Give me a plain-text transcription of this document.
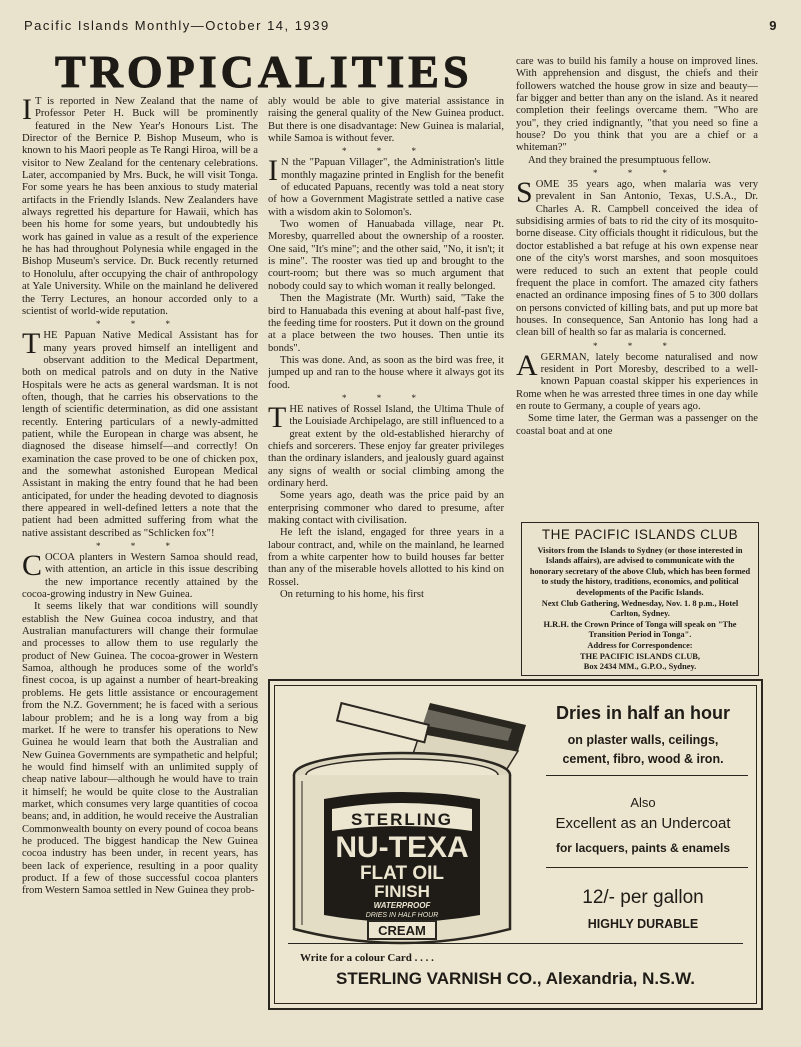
Pacific Islands Monthly—October 14, 1939	9
TROPICALITIES

I T is reported in New Zealand that the name of Professor Peter H. Buck will be prominently featured in the New Year's Honours List. The Director of the Bernice P. Bishop Museum, who is known to his Maori people as Te Rangi Hiroa, will be a visitor to New Zealand for the centenary celebrations. Later, accompanied by Mrs. Buck, he will visit Tonga. For some years he has been anxious to study material artifacts in the Friendly Islands. New Zealanders have always regretted his departure for Hawaii, which has been his home for some years, but undoubtedly his work has gained in value as a result of the experience he has had throughout Polynesia while engaged in the Bishop Museum's service. Dr. Buck recently returned to Honolulu, after occupying the chair of anthropology at Yale University. While on the mainland he delivered the Terry Lectures, an honour accorded only to a scientist of world-wide reputation.

* * *

THE Papuan Native Medical Assistant has for many years proved himself an intelligent and observant addition to the Medical Department, both on medical patrols and on duty in the Native Hospitals were he acts as general wardsman. It is not often, though, that he carries his observations to the length of scientific determination, as did one assistant recently. Entering particulars of a newly-admitted patient, while the European in charge was absent, he diagnosed the disease himself—and correctly! On examination the case proved to be one of chicken pox, and the somewhat astonished European Medical Assistant in making the entry found that he had been anticipated, for under the heading devoted to diagnosis there appeared in well-defined letters a note that the patient had been admitted suffering from what the native assistant described as "Schlicken fox"!

* * *

COCOA planters in Western Samoa should read, with attention, an article in this issue describing the new importance recently attained by the cocoa-growing industry in New Guinea.

It seems likely that war conditions will soundly establish the New Guinea cocoa industry, and that Australian manufacturers will change their formulae and processes to allow them to use regularly the product of New Guinea. The cocoa-grower in Western Samoa, although he produces some of the world's finest cocoa, is up against a number of heart-breaking problems. He gets little assistance or encouragement from the N.Z. Government; he is faced with a serious labour problem; and he is a long way from a big market. If he were to transfer his operations to New Guinea he would learn that both the Australian and New Guinea Governments are sympathetic and helpful; he would find himself with an unlimited supply of cheap native labour—although he would have to train it himself; he would be quite close to the Australian market, which consumes very large quantities of cocoa beans; and, in addition, he would receive the Australian Commonwealth bounty on every pound of cocoa beans he produced. The biggest handicap the New Guinea cocoa industry has been under, in recent years, has been lack of experience, resulting in a poor quality product. If a few of those successful cocoa planters from Western Samoa settled in New Guinea they prob-

ably would be able to give material assistance in raising the general quality of the New Guinea product. But there is one disadvantage: New Guinea is malarial, while Samoa is without fever.

* * *

I N the "Papuan Villager", the Administration's little monthly magazine printed in English for the benefit of educated Papuans, recently was told a neat story of how a Government Magistrate settled a native case with a wisdom akin to Solomon's.

Two women of Hanuabada village, near Pt. Moresby, quarrelled about the ownership of a rooster. One said, "It's mine"; and the other said, "No, it isn't; it is mine". The rooster was tied up and brought to the court-room; but there was so much argument that nobody could say to which woman it really belonged.

Then the Magistrate (Mr. Wurth) said, "Take the bird to Hanuabada this evening at about half-past five, the feeding time for roosters. Put it down on the ground at a place between the two houses. Then untie its bonds".

This was done. And, as soon as the bird was free, it jumped up and ran to the house where it always got its food.

* * *

THE natives of Rossel Island, the Ultima Thule of the Louisiade Archipelago, are still influenced to a great extent by the old-established hierarchy of chiefs and sorcerers. These enjoy far greater privileges than the ordinary islanders, and jealously guard against any signs of wealth or social climbing among the ordinary herd.

Some years ago, death was the price paid by an enterprising commoner who dared to presume, after making contact with civilisation.

He left the island, engaged for three years in a labour contract, and, while on the mainland, he learned from a white carpenter how to build houses far better than any of the miserable hovels allotted to his kind on Rossel.

On returning to his home, his first

care was to build his family a house on improved lines. With apprehension and disgust, the chiefs and their followers watched the house grow in size and beauty—far bigger and better than any on the island. As it neared completion their feelings overcame them. "Who are you", they cried indignantly, "that you need so fine a house? Do you think that you are a chief or a whiteman?"

And they brained the presumptuous fellow.

* * *

SOME 35 years ago, when malaria was very prevalent in San Antonio, Texas, U.S.A., Dr. Charles A. R. Campbell conceived the idea of subsidising armies of bats to rid the city of its mosquito-borne disease. City officials thought it ridiculous, but the doctor established a bat refuge at his own expense near one of the city's worst marshes, and soon mosquitoes were reduced to such an extent that people could frequent the place in comfort. The amazed city fathers enacted an ordinance imposing fines of 5 to 300 dollars on persons convicted of killing bats, and put up more bat houses. In consequence, San Antonio has long had a clean bill of health so far as malaria is concerned.

* * *

AGERMAN, lately become naturalised and now resident in Port Moresby, described to a well-known Papuan coastal skipper his experiences in Rome when he was arrested three times in one day while en route to Germany, a couple of years ago.

Some time later, the German was a passenger on the coastal boat and at one

THE PACIFIC ISLANDS CLUB
Visitors from the Islands to Sydney (or those interested in Islands affairs), are advised to communicate with the honorary secretary of the above Club, which has been formed to study the history, traditions, economics, and political developments of the Pacific Islands.
Next Club Gathering, Wednesday, Nov. 1. 8 p.m., Hotel Carlton, Sydney.
H.R.H. the Crown Prince of Tonga will speak on "The Transition Period in Tonga".
Address for Correspondence:
THE PACIFIC ISLANDS CLUB,
Box 2434 MM., G.P.O., Sydney.
STERLING
NU-TEXA
FLAT OIL
FINISH
WATERPROOF
DRIES IN HALF HOUR
CREAM
Dries in half an hour
on plaster walls, ceilings,
cement, fibro, wood & iron.
Also
Excellent as an Undercoat
for lacquers, paints & enamels
12/- per gallon
HIGHLY DURABLE
Write for a colour Card . . . .
STERLING VARNISH CO., Alexandria, N.S.W.
